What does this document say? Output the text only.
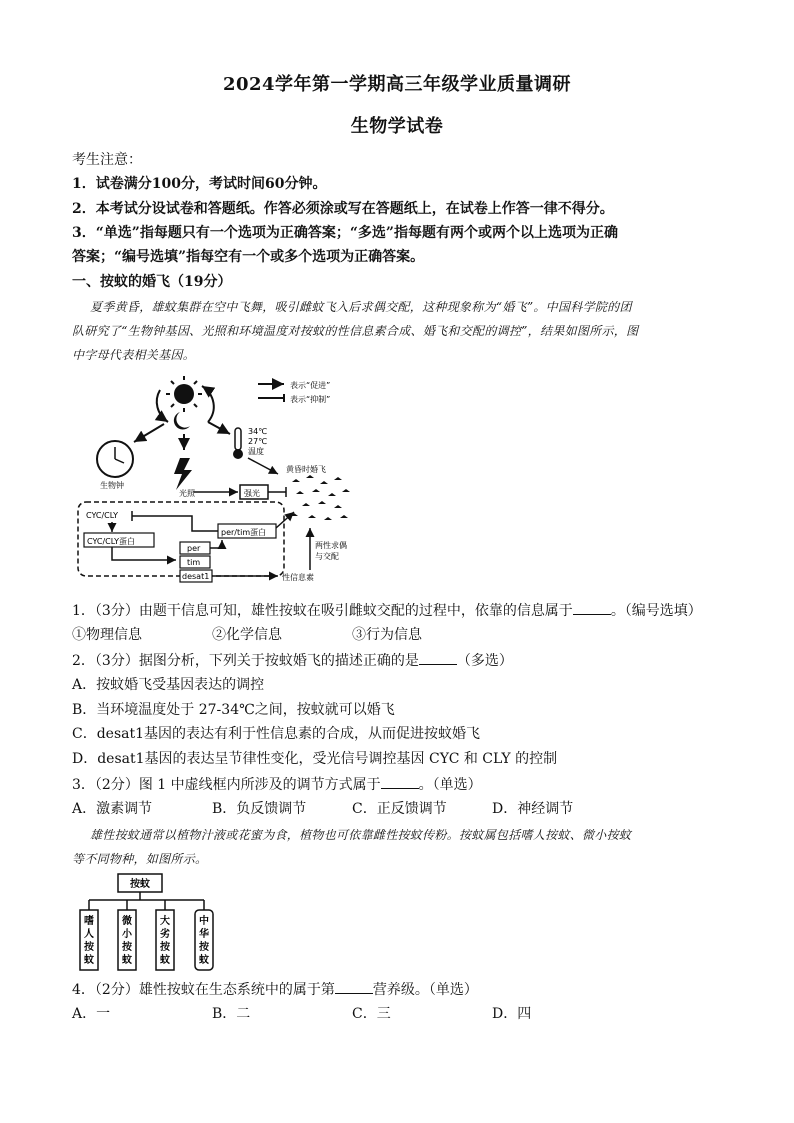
2024学年第一学期高三年级学业质量调研
生物学试卷
考生注意：
1．试卷满分100分，考试时间60分钟。
2．本考试分设试卷和答题纸。作答必须涂或写在答题纸上，在试卷上作答一律不得分。
3．“单选”指每题只有一个选项为正确答案；“多选”指每题有两个或两个以上选项为正确
答案；“编号选填”指每空有一个或多个选项为正确答案。
一、按蚊的婚飞（19分）
夏季黄昏，雄蚊集群在空中飞舞，吸引雌蚊飞入后求偶交配，这种现象称为“婚飞”。中国科学院的团
队研究了“生物钟基因、光照和环境温度对按蚊的性信息素合成、婚飞和交配的调控”，结果如图所示，图
中字母代表相关基因。
表示“促进”
表示“抑制”
生物钟
光照
34℃
27℃
温度
黄昏时婚飞
强光
CYC/CLY
CYC/CLY蛋白
per/tim蛋白
per
tim
desat1	性信息素
两性求偶
与交配
1．（3分）由题干信息可知，雄性按蚊在吸引雌蚊交配的过程中，依靠的信息属于	。（编号选填）
①物理信息	②化学信息	③行为信息
2．（3分）据图分析，下列关于按蚊婚飞的描述正确的是	（多选）
A．按蚊婚飞受基因表达的调控
B．当环境温度处于 27-34℃之间，按蚊就可以婚飞
C．desat1基因的表达有利于性信息素的合成，从而促进按蚊婚飞
D．desat1基因的表达呈节律性变化，受光信号调控基因 CYC 和 CLY 的控制
3．（2分）图 1 中虚线框内所涉及的调节方式属于	。（单选）
A．激素调节	B．负反馈调节	C．正反馈调节	D．神经调节
雄性按蚊通常以植物汁液或花蜜为食，植物也可依靠雌性按蚊传粉。按蚊属包括嗜人按蚊、微小按蚊
等不同物种，如图所示。
按蚊
嗜人按蚊
微小按蚊
大劣按蚊
中华按蚊
4．（2分）雄性按蚊在生态系统中的属于第	营养级。（单选）
A．一	B．二	C．三	D．四
